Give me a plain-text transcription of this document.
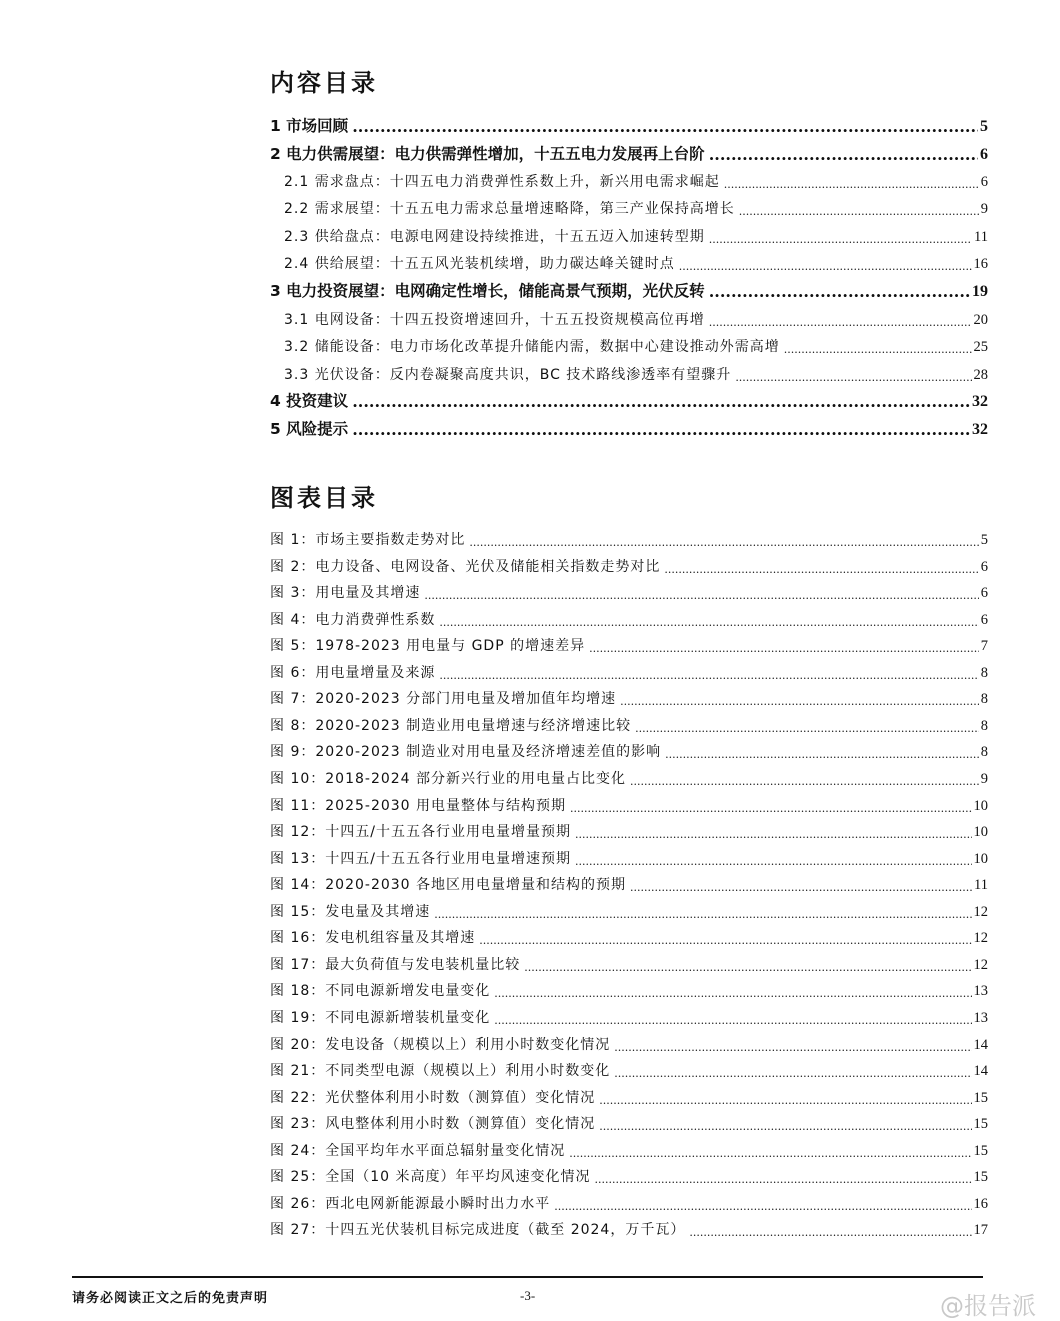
内容目录
1 市场回顾 .....	5
2 电力供需展望：电力供需弹性增加，十五五电力发展再上台阶 .....	6
2.1 需求盘点：十四五电力消费弹性系数上升，新兴用电需求崛起 .....	6
2.2 需求展望：十五五电力需求总量增速略降，第三产业保持高增长 .....	9
2.3 供给盘点：电源电网建设持续推进，十五五迈入加速转型期 .....	11
2.4 供给展望：十五五风光装机续增，助力碳达峰关键时点 .....	16
3 电力投资展望：电网确定性增长，储能高景气预期，光伏反转 .....	19
3.1 电网设备：十四五投资增速回升，十五五投资规模高位再增 .....	20
3.2 储能设备：电力市场化改革提升储能内需，数据中心建设推动外需高增 .....	25
3.3 光伏设备：反内卷凝聚高度共识，BC 技术路线渗透率有望骤升 .....	28
4 投资建议 .....	32
5 风险提示 .....	32
图表目录
图 1：市场主要指数走势对比 .....	5
图 2：电力设备、电网设备、光伏及储能相关指数走势对比 .....	6
图 3：用电量及其增速 .....	6
图 4：电力消费弹性系数 .....	6
图 5：1978-2023 用电量与 GDP 的增速差异 .....	7
图 6：用电量增量及来源 .....	8
图 7：2020-2023 分部门用电量及增加值年均增速 .....	8
图 8：2020-2023 制造业用电量增速与经济增速比较 .....	8
图 9：2020-2023 制造业对用电量及经济增速差值的影响 .....	8
图 10：2018-2024 部分新兴行业的用电量占比变化 .....	9
图 11：2025-2030 用电量整体与结构预期 .....	10
图 12：十四五/十五五各行业用电量增量预期 .....	10
图 13：十四五/十五五各行业用电量增速预期 .....	10
图 14：2020-2030 各地区用电量增量和结构的预期 .....	11
图 15：发电量及其增速 .....	12
图 16：发电机组容量及其增速 .....	12
图 17：最大负荷值与发电装机量比较 .....	12
图 18：不同电源新增发电量变化 .....	13
图 19：不同电源新增装机量变化 .....	13
图 20：发电设备（规模以上）利用小时数变化情况 .....	14
图 21：不同类型电源（规模以上）利用小时数变化 .....	14
图 22：光伏整体利用小时数（测算值）变化情况 .....	15
图 23：风电整体利用小时数（测算值）变化情况 .....	15
图 24：全国平均年水平面总辐射量变化情况 .....	15
图 25：全国（10 米高度）年平均风速变化情况 .....	15
图 26：西北电网新能源最小瞬时出力水平 .....	16
图 27：十四五光伏装机目标完成进度（截至 2024，万千瓦） .....	17
请务必阅读正文之后的免责声明	-3-	@报告派
